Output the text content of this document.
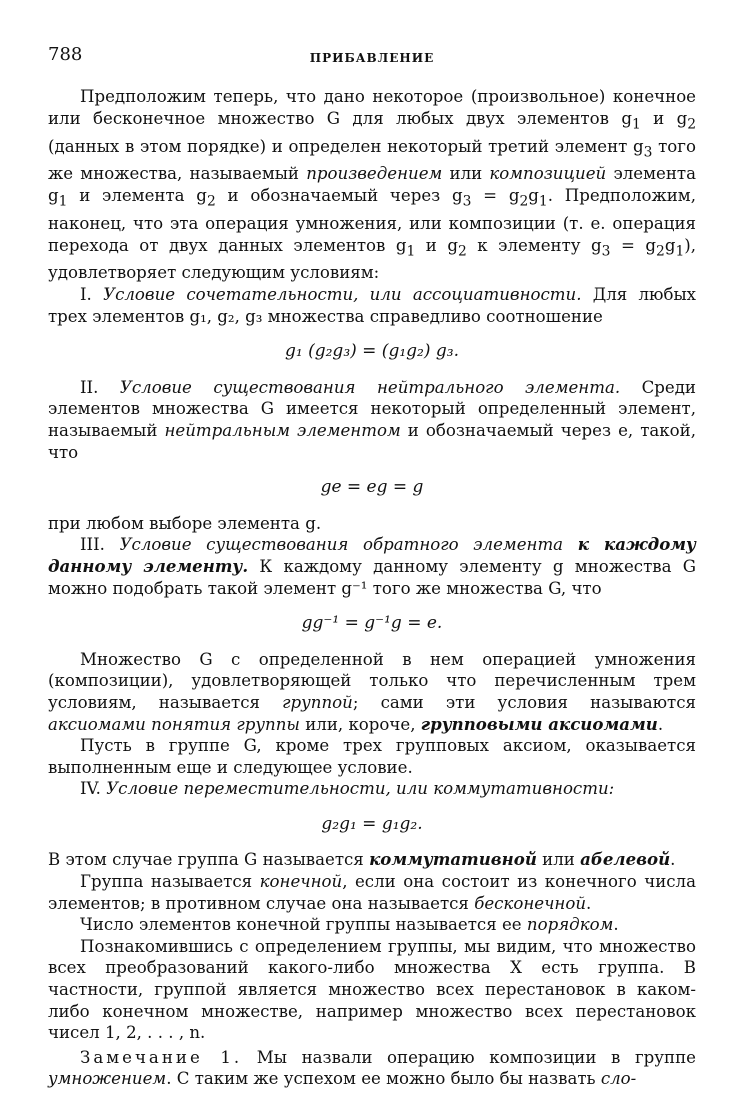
788	ПРИБАВЛЕНИЕ

Предположим теперь, что дано некоторое (произвольное) конечное или бесконечное множество G для любых двух элементов $g_1$ и $g_2$ (данных в этом порядке) и определен некоторый третий элемент $g_3$ того же множества, называемый произведением или композицией элемента $g_1$ и элемента $g_2$ и обозначаемый через $g_3 = g_2g_1$. Предположим, наконец, что эта операция умножения, или композиции (т. е. операция перехода от двух данных элементов $g_1$ и $g_2$ к элементу $g_3 = g_2g_1$), удовлетворяет следующим условиям:

I. Условие сочетательности, или ассоциативности. Для любых трех элементов g₁, g₂, g₃ множества справедливо соотношение

g₁ (g₂g₃) = (g₁g₂) g₃.

II. Условие существования нейтрального элемента. Среди элементов множества G имеется некоторый определенный элемент, называемый нейтральным элементом и обозначаемый через e, такой, что

ge = eg = g

при любом выборе элемента g.

III. Условие существования обратного элемента к каждому данному элементу. К каждому данному элементу g множества G можно подобрать такой элемент g⁻¹ того же множества G, что

gg⁻¹ = g⁻¹g = e.

Множество G с определенной в нем операцией умножения (композиции), удовлетворяющей только что перечисленным трем условиям, называется группой; сами эти условия называются аксиомами понятия группы или, короче, групповыми аксиомами.

Пусть в группе G, кроме трех групповых аксиом, оказывается выполненным еще и следующее условие.

IV. Условие переместительности, или коммутативности:

g₂g₁ = g₁g₂.

В этом случае группа G называется коммутативной или абелевой.

Группа называется конечной, если она состоит из конечного числа элементов; в противном случае она называется бесконечной.

Число элементов конечной группы называется ее порядком.

Познакомившись с определением группы, мы видим, что множество всех преобразований какого-либо множества X есть группа. В частности, группой является множество всех перестановок в каком-либо конечном множестве, например множество всех перестановок чисел 1, 2, . . . , n.

Замечание 1. Мы назвали операцию композиции в группе умножением. С таким же успехом ее можно было бы назвать сло-
